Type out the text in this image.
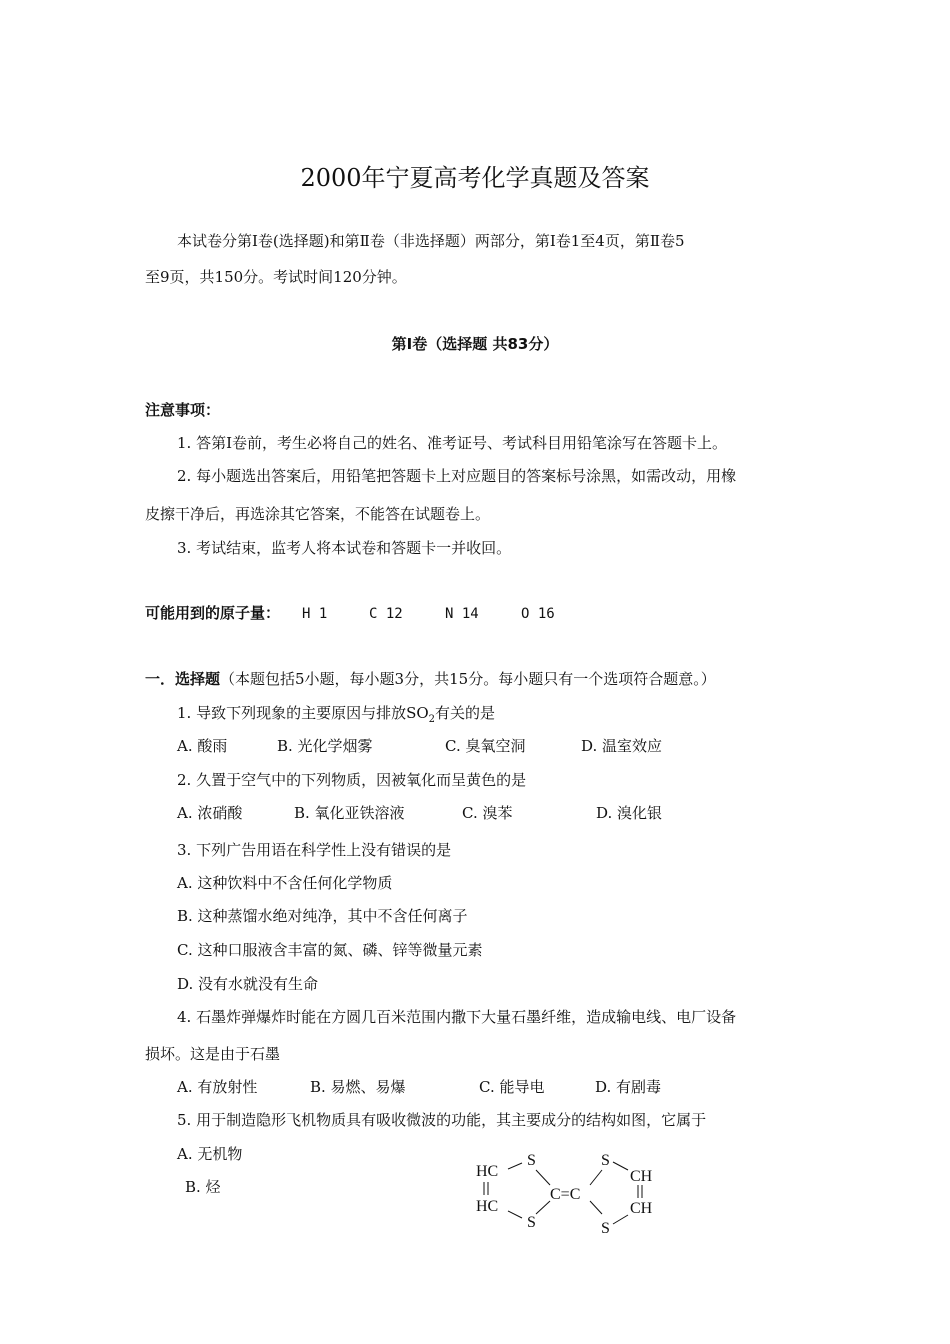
2000年宁夏高考化学真题及答案
本试卷分第Ⅰ卷(选择题)和第Ⅱ卷（非选择题）两部分，第Ⅰ卷1至4页，第Ⅱ卷5
至9页，共150分。考试时间120分钟。
第Ⅰ卷（选择题 共83分）
注意事项：
1. 答第Ⅰ卷前，考生必将自己的姓名、准考证号、考试科目用铅笔涂写在答题卡上。
2. 每小题选出答案后，用铅笔把答题卡上对应题目的答案标号涂黑，如需改动，用橡
皮擦干净后，再选涂其它答案，不能答在试题卷上。
3. 考试结束，监考人将本试卷和答题卡一并收回。
可能用到的原子量： H 1	C 12	N 14	O 16
一．选择题（本题包括5小题，每小题3分，共15分。每小题只有一个选项符合题意。）
1. 导致下列现象的主要原因与排放$SO_2$有关的是
A. 酸雨	B. 光化学烟雾	C. 臭氧空洞	D. 温室效应
2. 久置于空气中的下列物质，因被氧化而呈黄色的是
A. 浓硝酸	B. 氧化亚铁溶液	C. 溴苯	D. 溴化银
3. 下列广告用语在科学性上没有错误的是
A. 这种饮料中不含任何化学物质
B. 这种蒸馏水绝对纯净，其中不含任何离子
C. 这种口服液含丰富的氮、磷、锌等微量元素
D. 没有水就没有生命
4. 石墨炸弹爆炸时能在方圆几百米范围内撒下大量石墨纤维，造成输电线、电厂设备
损坏。这是由于石墨
A. 有放射性	B. 易燃、易爆	C. 能导电	D. 有剧毒
5. 用于制造隐形飞机物质具有吸收微波的功能，其主要成分的结构如图，它属于
A. 无机物
B. 烃
HC
HC
S
S
C=C
S
S
CH
CH
